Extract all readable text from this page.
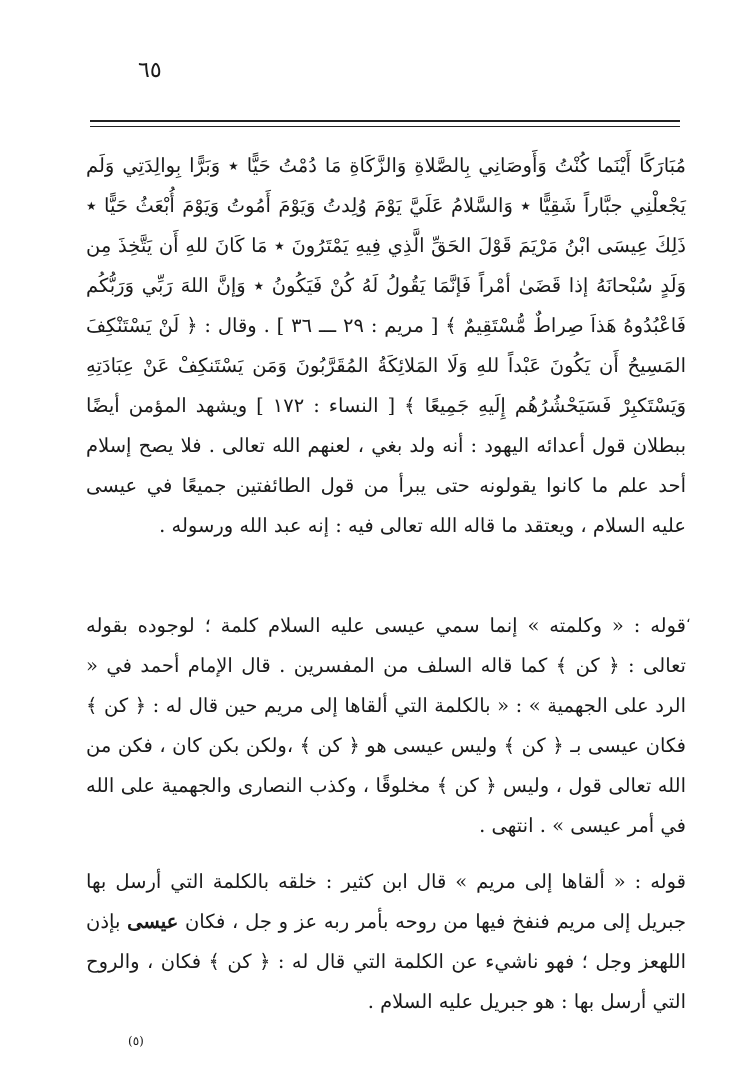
٦٥

مُبَارَكًا أَيْنَما كُنْتُ وَأَوصَانِي بِالصَّلاةِ وَالزَّكَاةِ مَا دُمْتُ حَيًّا ٭ وَبَرًّا بِوالِدَتِي وَلَم يَجْعلْنِي جبَّاراً شَقِيًّا ٭ وَالسَّلامُ عَلَيَّ يَوْمَ وُلِدتُ وَيَوْمَ أَمُوتُ وَيَوْمَ أُبْعَثُ حَيًّا ٭ ذَلِكَ عِيسَى ابْنُ مَرْيَمَ قَوْلَ الحَقِّ الَّذِي فِيهِ يَمْتَرُونَ ٭ مَا كَانَ للهِ أَن يَتَّخِذَ مِن وَلَدٍ سُبْحانَهُ إذا قَضَىٰ أمْراً فَإنَّمَا يَقُولُ لَهُ كُنْ فَيَكُونُ ٭ وَإنَّ اللهَ رَبِّي وَرَبُّكُم فَاعْبُدُوهُ هَذاَ صِراطٌ مُّسْتَقِيمٌ ﴾ [ مريم : ٢٩ ـــ ٣٦ ] . وقال : ﴿ لَنْ يَسْتَنْكِفَ المَسِيحُ أَن يَكُونَ عَبْداً للهِ وَلَا المَلائِكَةُ المُقَرَّبُونَ وَمَن يَسْتَنكِفْ عَنْ عِبَادَتِهِ وَيَسْتَكبِرْ فَسَيَحْشُرُهُم إِلَيهِ جَمِيعًا ﴾ [ النساء : ١٧٢ ] ويشهد المؤمن أيضًا ببطلان قول أعدائه اليهود : أنه ولد بغي ، لعنهم الله تعالى . فلا يصح إسلام أحد علم ما كانوا يقولونه حتى يبرأ من قول الطائفتين جميعًا في عيسى عليه السلام ، ويعتقد ما قاله الله تعالى فيه : إنه عبد الله ورسوله .

،

قوله : « وكلمته » إنما سمي عيسى عليه السلام كلمة ؛ لوجوده بقوله تعالى : ﴿ كن ﴾ كما قاله السلف من المفسرين . قال الإمام أحمد في « الرد على الجهمية » : « بالكلمة التي ألقاها إلى مريم حين قال له : ﴿ كن ﴾ فكان عيسى بـ ﴿ كن ﴾ وليس عيسى هو ﴿ كن ﴾ ،ولكن بكن كان ، فكن من الله تعالى قول ، وليس ﴿ كن ﴾ مخلوقًا ، وكذب النصارى والجهمية على الله في أمر عيسى » . انتهى .

قوله : « ألقاها إلى مريم » قال ابن كثير : خلقه بالكلمة التي أرسل بها جبريل إلى مريم فنفخ فيها من روحه بأمر ربه عز و جل ، فكان عيسى بإذن اللهعز وجل ؛ فهو ناشيء عن الكلمة التي قال له : ﴿ كن ﴾ فكان ، والروح التي أرسل بها : هو جبريل عليه السلام .

(٥)
